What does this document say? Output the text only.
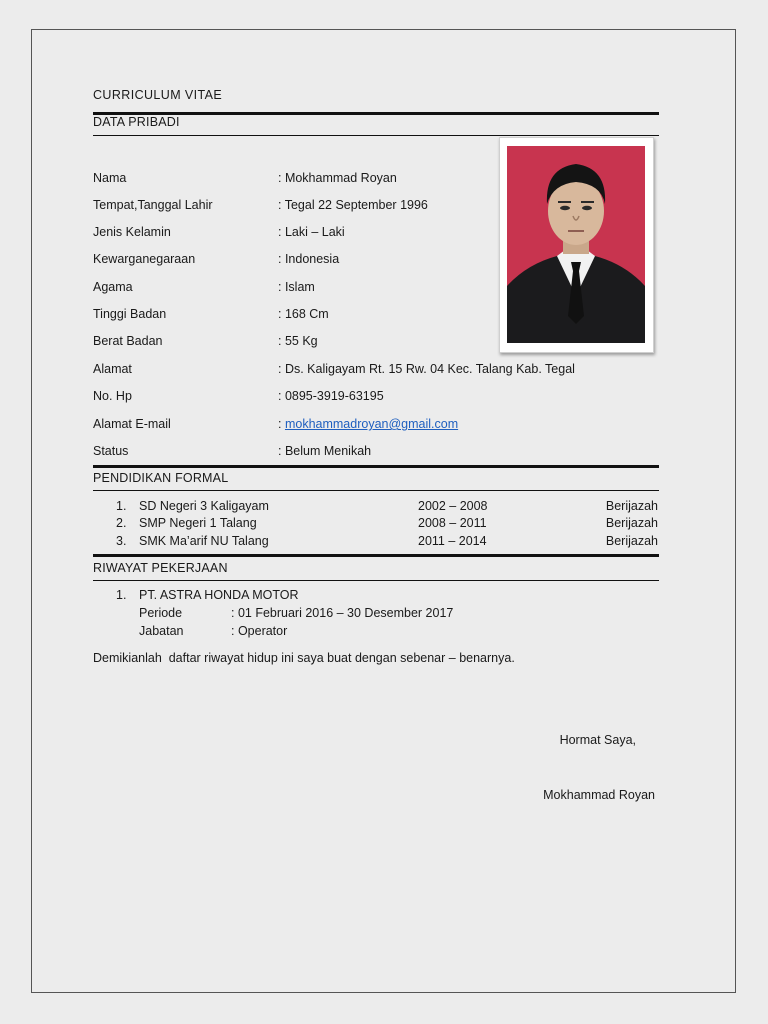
CURRICULUM VITAE
DATA PRIBADI
Nama	: Mokhammad Royan
Tempat,Tanggal Lahir	: Tegal 22 September 1996
Jenis Kelamin	: Laki – Laki
Kewarganegaraan	: Indonesia
Agama	: Islam
Tinggi Badan	: 168 Cm
Berat Badan	: 55 Kg
Alamat	: Ds. Kaligayam Rt. 15 Rw. 04 Kec. Talang Kab. Tegal
No. Hp	: 0895-3919-63195
Alamat E-mail	: mokhammadroyan@gmail.com
Status	: Belum Menikah
PENDIDIKAN FORMAL
1. SD Negeri 3 Kaligayam	2002 – 2008	Berijazah
2. SMP Negeri 1 Talang	2008 – 2011	Berijazah
3. SMK Ma’arif NU Talang	2011 – 2014	Berijazah
RIWAYAT PEKERJAAN
1. PT. ASTRA HONDA MOTOR
Periode	: 01 Februari 2016 – 30 Desember 2017
Jabatan	: Operator
Demikianlah  daftar riwayat hidup ini saya buat dengan sebenar – benarnya.
Hormat Saya,
Mokhammad Royan
